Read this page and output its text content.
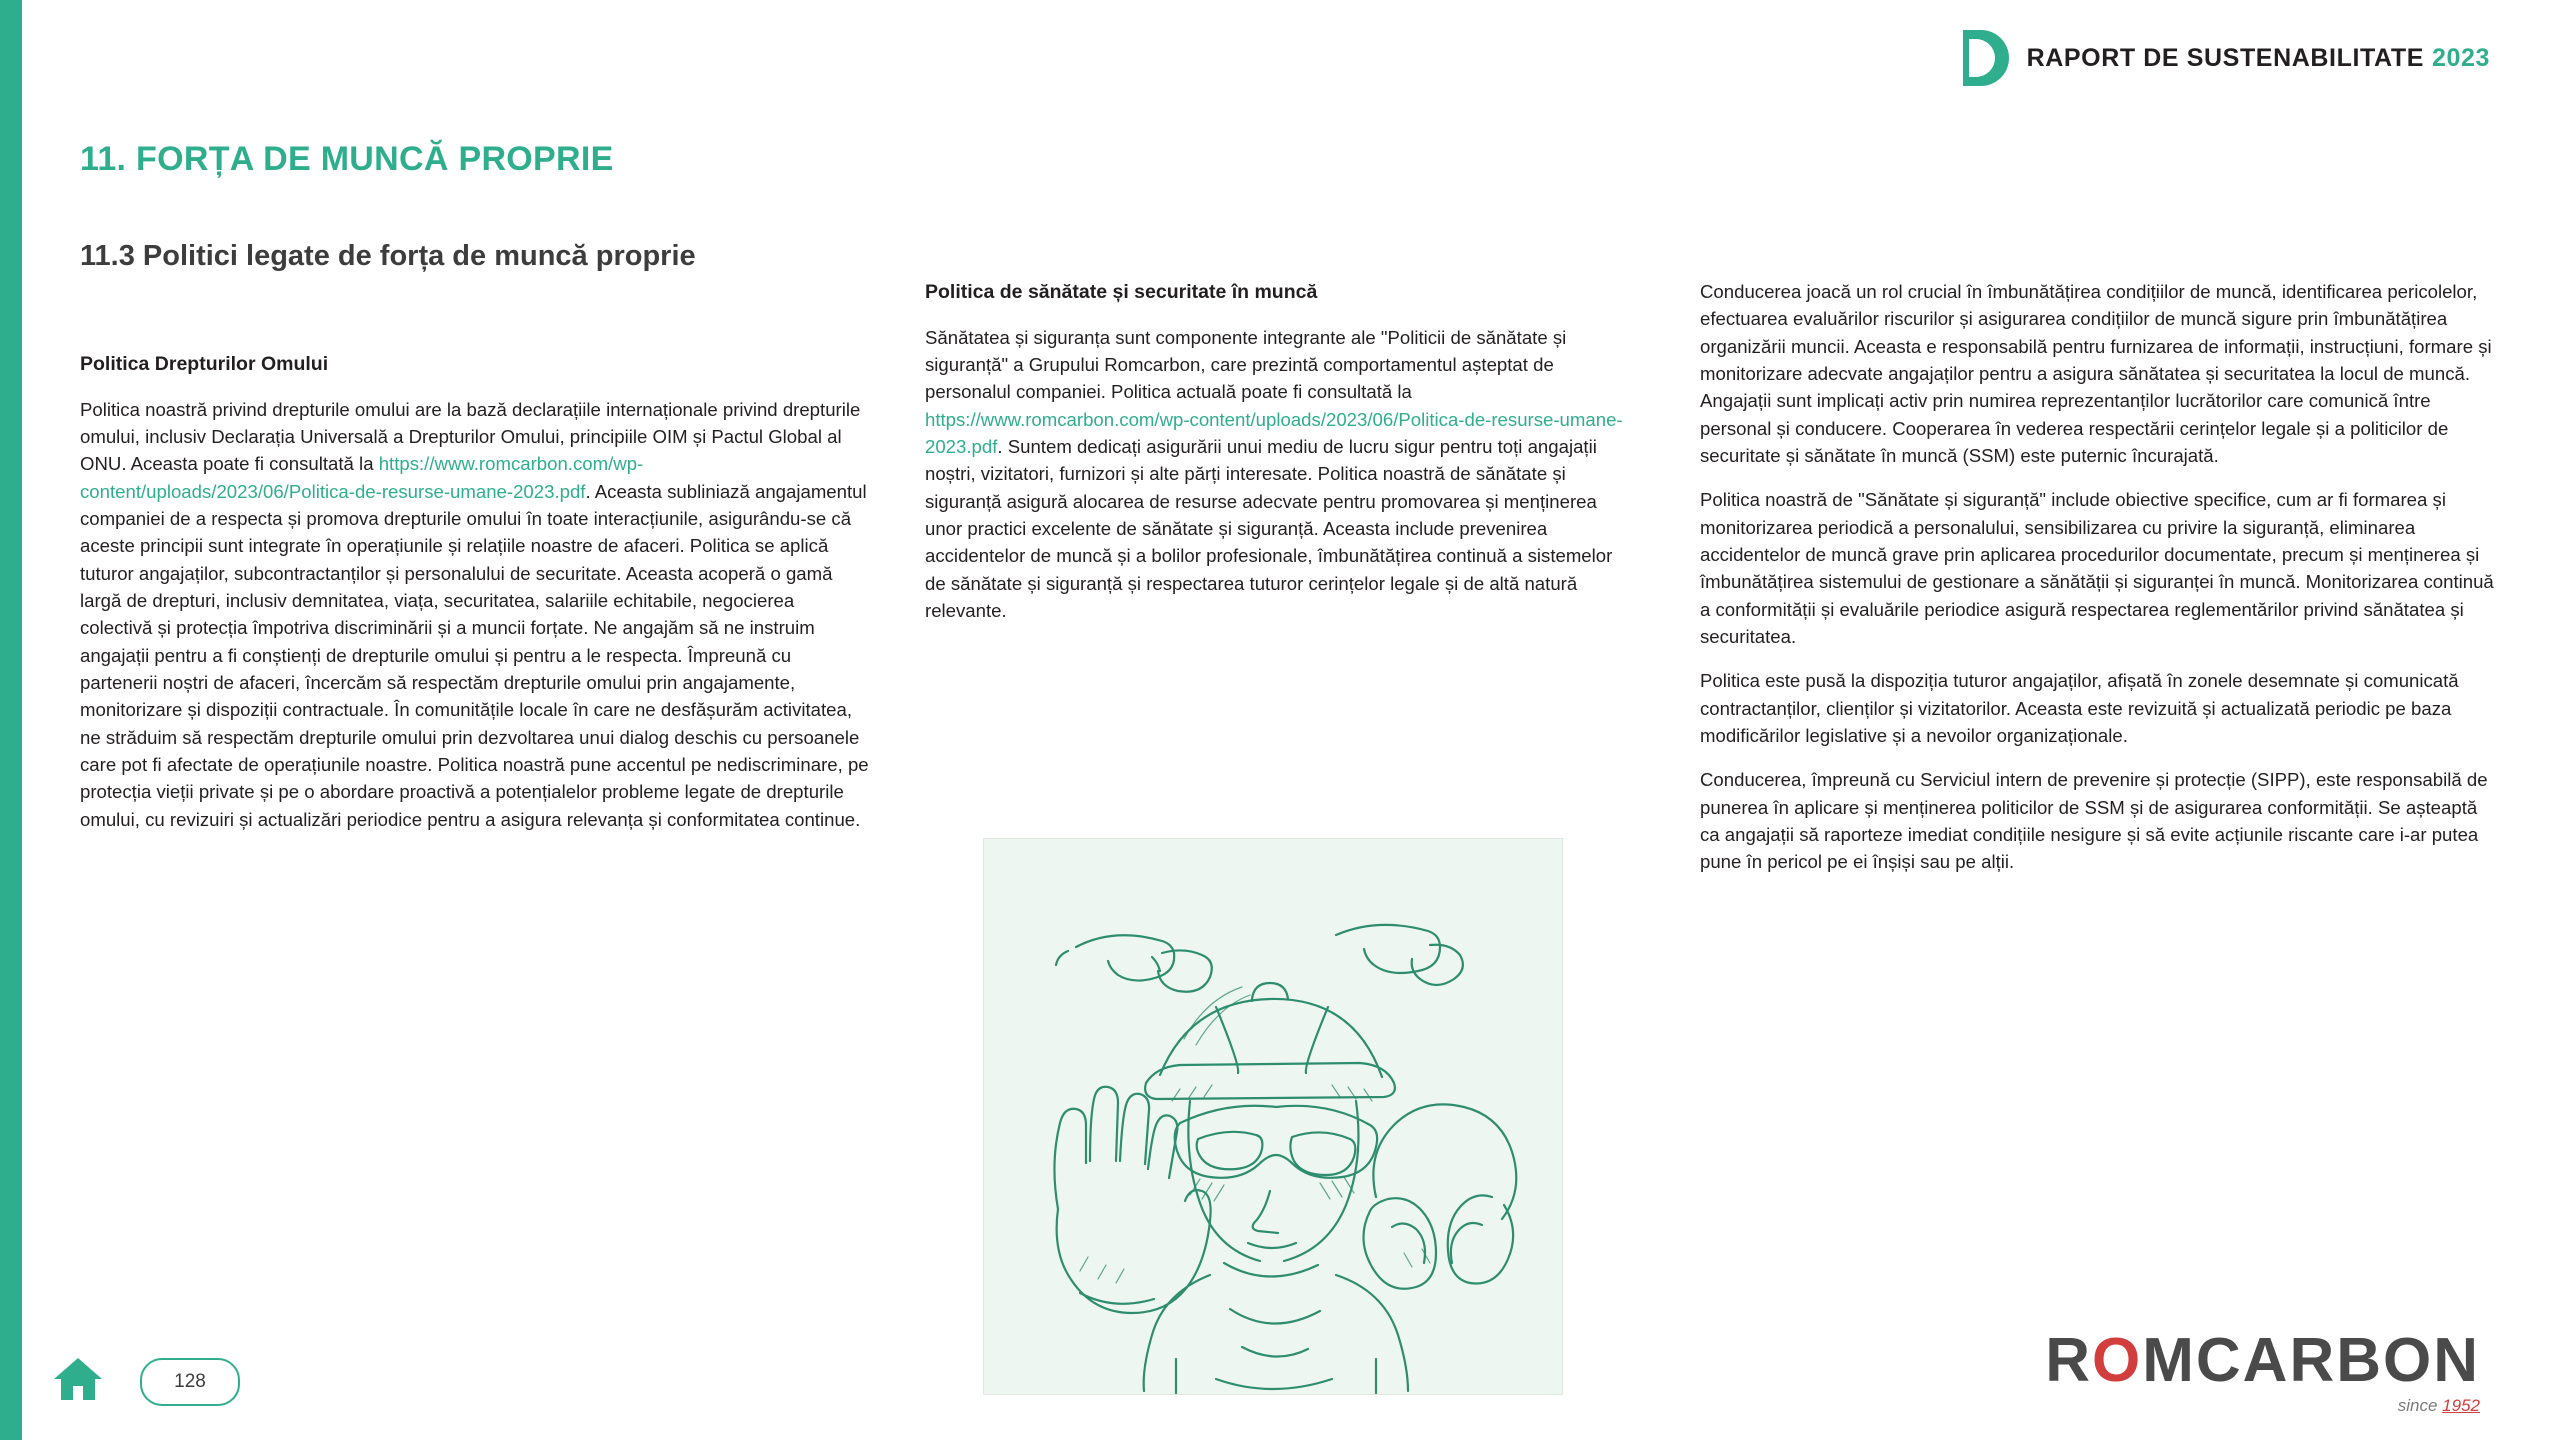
RAPORT DE SUSTENABILITATE 2023
11. FORȚA DE MUNCĂ PROPRIE
11.3 Politici legate de forța de muncă proprie

Politica Drepturilor Omului

Politica noastră privind drepturile omului are la bază declarațiile internaționale privind drepturile omului, inclusiv Declarația Universală a Drepturilor Omului, principiile OIM și Pactul Global al ONU. Aceasta poate fi consultată la https://www.romcarbon.com/wp-content/uploads/2023/06/Politica-de-resurse-umane-2023.pdf. Aceasta subliniază angajamentul companiei de a respecta și promova drepturile omului în toate interacțiunile, asigurându-se că aceste principii sunt integrate în operațiunile și relațiile noastre de afaceri. Politica se aplică tuturor angajaților, subcontractanților și personalului de securitate. Aceasta acoperă o gamă largă de drepturi, inclusiv demnitatea, viața, securitatea, salariile echitabile, negocierea colectivă și protecția împotriva discriminării și a muncii forțate. Ne angajăm să ne instruim angajații pentru a fi conștienți de drepturile omului și pentru a le respecta. Împreună cu partenerii noștri de afaceri, încercăm să respectăm drepturile omului prin angajamente, monitorizare și dispoziții contractuale. În comunitățile locale în care ne desfășurăm activitatea, ne străduim să respectăm drepturile omului prin dezvoltarea unui dialog deschis cu persoanele care pot fi afectate de operațiunile noastre. Politica noastră pune accentul pe nediscriminare, pe protecția vieții private și pe o abordare proactivă a potențialelor probleme legate de drepturile omului, cu revizuiri și actualizări periodice pentru a asigura relevanța și conformitatea continue.

Politica de sănătate și securitate în muncă

Sănătatea și siguranța sunt componente integrante ale "Politicii de sănătate și siguranță" a Grupului Romcarbon, care prezintă comportamentul așteptat de personalul companiei. Politica actuală poate fi consultată la https://www.romcarbon.com/wp-content/uploads/2023/06/Politica-de-resurse-umane-2023.pdf. Suntem dedicați asigurării unui mediu de lucru sigur pentru toți angajații noștri, vizitatori, furnizori și alte părți interesate. Politica noastră de sănătate și siguranță asigură alocarea de resurse adecvate pentru promovarea și menținerea unor practici excelente de sănătate și siguranță. Aceasta include prevenirea accidentelor de muncă și a bolilor profesionale, îmbunătățirea continuă a sistemelor de sănătate și siguranță și respectarea tuturor cerințelor legale și de altă natură relevante.

Conducerea joacă un rol crucial în îmbunătățirea condițiilor de muncă, identificarea pericolelor, efectuarea evaluărilor riscurilor și asigurarea condițiilor de muncă sigure prin îmbunătățirea organizării muncii. Aceasta e responsabilă pentru furnizarea de informații, instrucțiuni, formare și monitorizare adecvate angajaților pentru a asigura sănătatea și securitatea la locul de muncă. Angajații sunt implicați activ prin numirea reprezentanților lucrătorilor care comunică între personal și conducere. Cooperarea în vederea respectării cerințelor legale și a politicilor de securitate și sănătate în muncă (SSM) este puternic încurajată.

Politica noastră de "Sănătate și siguranță" include obiective specifice, cum ar fi formarea și monitorizarea periodică a personalului, sensibilizarea cu privire la siguranță, eliminarea accidentelor de muncă grave prin aplicarea procedurilor documentate, precum și menținerea și îmbunătățirea sistemului de gestionare a sănătății și siguranței în muncă. Monitorizarea continuă a conformității și evaluările periodice asigură respectarea reglementărilor privind sănătatea și securitatea.

Politica este pusă la dispoziția tuturor angajaților, afișată în zonele desemnate și comunicată contractanților, clienților și vizitatorilor. Aceasta este revizuită și actualizată periodic pe baza modificărilor legislative și a nevoilor organizaționale.

Conducerea, împreună cu Serviciul intern de prevenire și protecție (SIPP), este responsabilă de punerea în aplicare și menținerea politicilor de SSM și de asigurarea conformității. Se așteaptă ca angajații să raporteze imediat condițiile nesigure și să evite acțiunile riscante care i-ar putea pune în pericol pe ei înșiși sau pe alții.

128	ROMCARBON
since 1952
